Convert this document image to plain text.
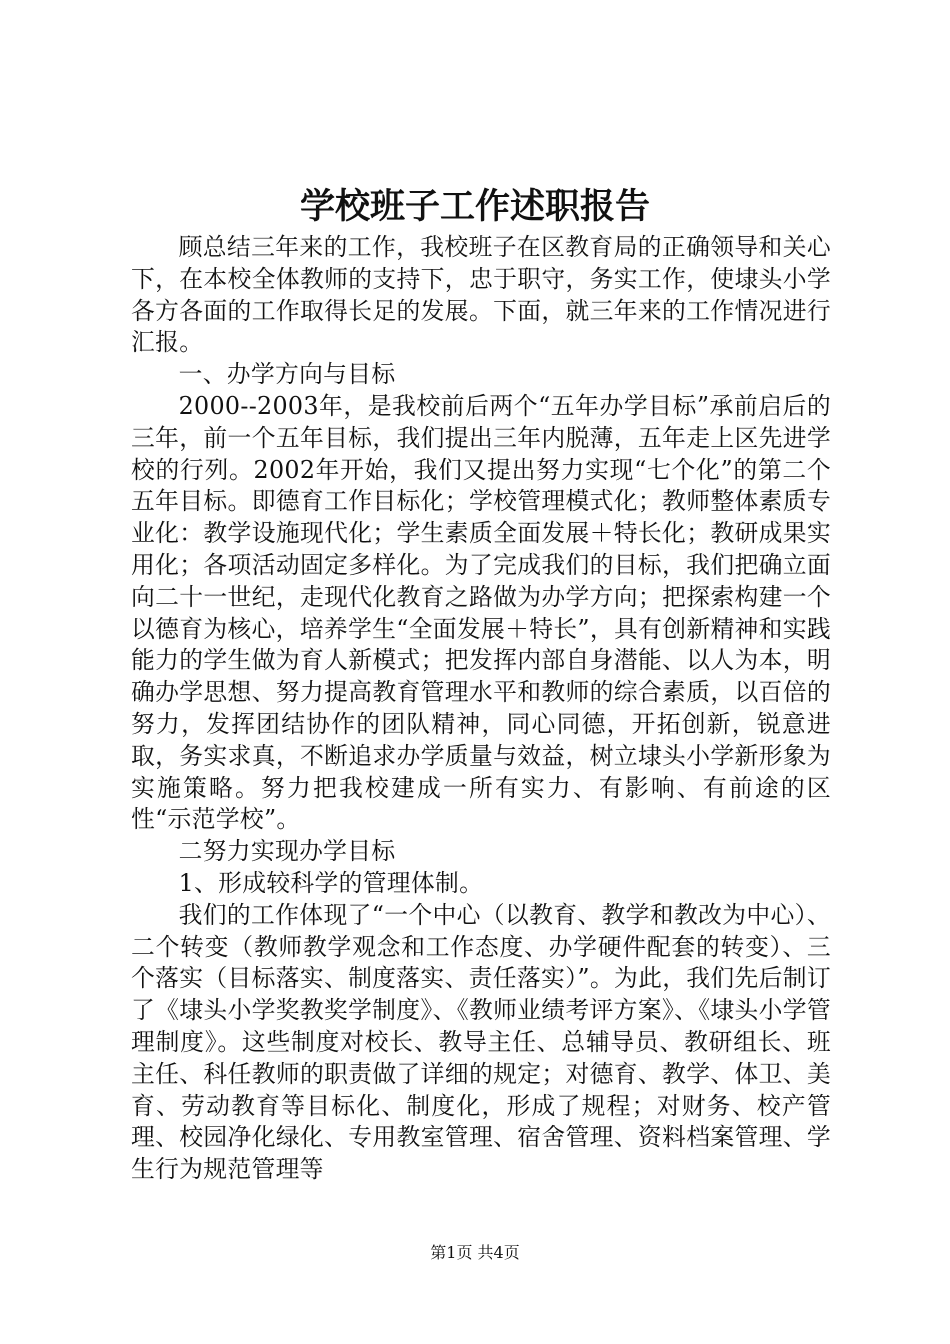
学校班子工作述职报告

顾总结三年来的工作，我校班子在区教育局的正确领导和关心下，在本校全体教师的支持下，忠于职守，务实工作，使埭头小学各方各面的工作取得长足的发展。下面，就三年来的工作情况进行汇报。

一、办学方向与目标

2000--2003年，是我校前后两个“五年办学目标”承前启后的三年，前一个五年目标，我们提出三年内脱薄，五年走上区先进学校的行列。2002年开始，我们又提出努力实现“七个化”的第二个五年目标。即德育工作目标化；学校管理模式化；教师整体素质专业化：教学设施现代化；学生素质全面发展＋特长化；教研成果实用化；各项活动固定多样化。为了完成我们的目标，我们把确立面向二十一世纪，走现代化教育之路做为办学方向；把探索构建一个以德育为核心，培养学生“全面发展＋特长”，具有创新精神和实践能力的学生做为育人新模式；把发挥内部自身潜能、以人为本，明确办学思想、努力提高教育管理水平和教师的综合素质，以百倍的努力，发挥团结协作的团队精神，同心同德，开拓创新，锐意进取，务实求真，不断追求办学质量与效益，树立埭头小学新形象为实施策略。努力把我校建成一所有实力、有影响、有前途的区性“示范学校”。

二努力实现办学目标

1、形成较科学的管理体制。

我们的工作体现了“一个中心（以教育、教学和教改为中心）、二个转变（教师教学观念和工作态度、办学硬件配套的转变）、三个落实（目标落实、制度落实、责任落实）”。为此，我们先后制订了《埭头小学奖教奖学制度》、《教师业绩考评方案》、《埭头小学管理制度》。这些制度对校长、教导主任、总辅导员、教研组长、班主任、科任教师的职责做了详细的规定；对德育、教学、体卫、美育、劳动教育等目标化、制度化，形成了规程；对财务、校产管理、校园净化绿化、专用教室管理、宿舍管理、资料档案管理、学生行为规范管理等

第1页 共4页
